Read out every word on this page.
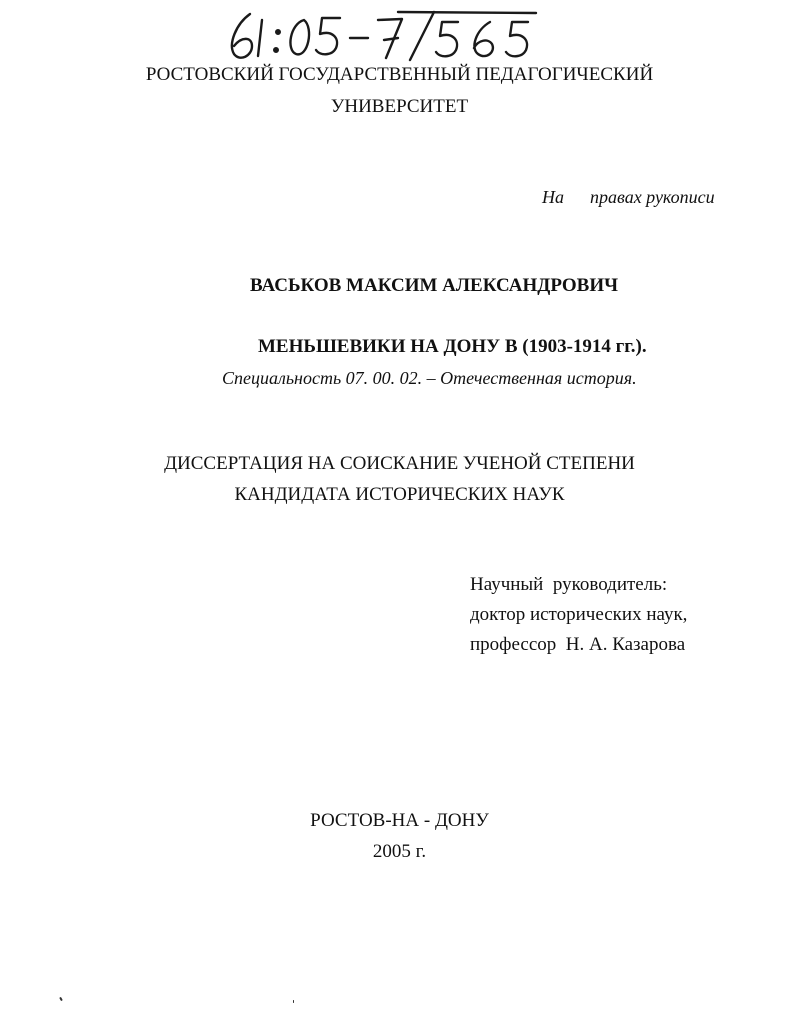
РОСТОВСКИЙ ГОСУДАРСТВЕННЫЙ ПЕДАГОГИЧЕСКИЙ
УНИВЕРСИТЕТ
На правах рукописи
ВАСЬКОВ МАКСИМ АЛЕКСАНДРОВИЧ
МЕНЬШЕВИКИ НА ДОНУ В (1903-1914 гг.).
Специальность 07. 00. 02. – Отечественная история.
ДИССЕРТАЦИЯ НА СОИСКАНИЕ УЧЕНОЙ СТЕПЕНИ
КАНДИДАТА ИСТОРИЧЕСКИХ НАУК
Научный  руководитель:
доктор исторических наук,
профессор  Н. А. Казарова
РОСТОВ-НА - ДОНУ
2005 г.
